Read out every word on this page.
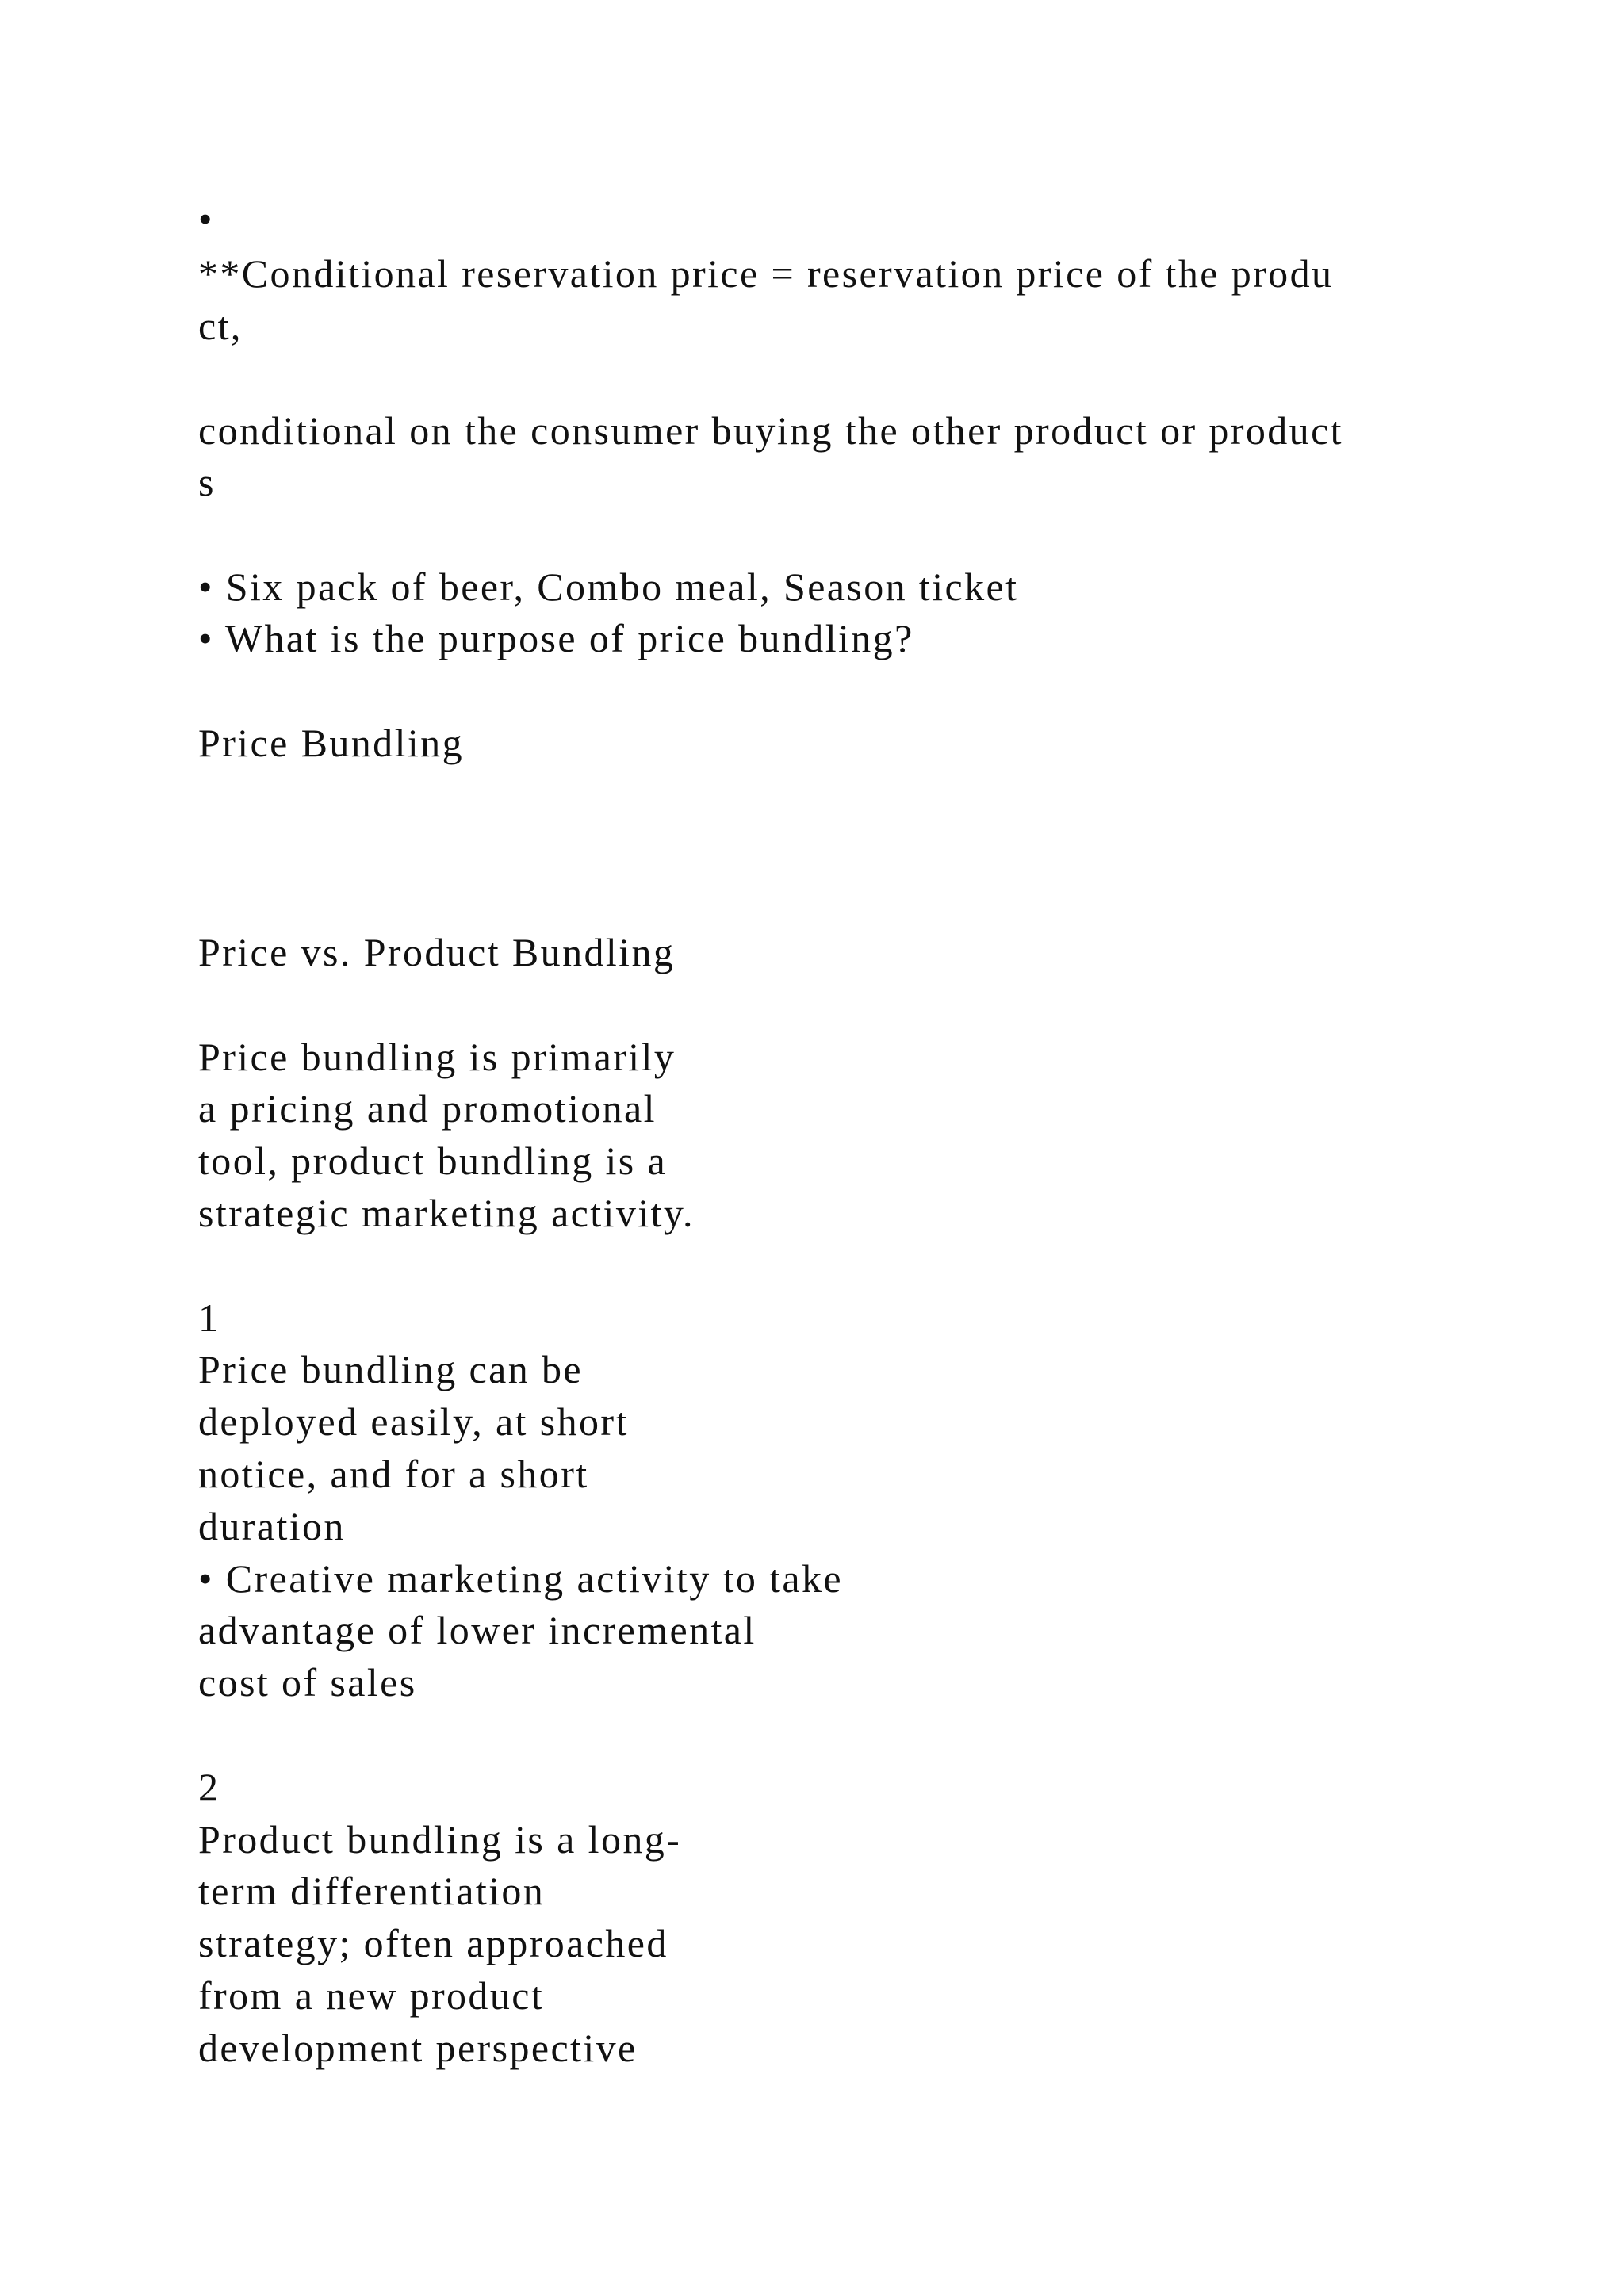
•
**Conditional reservation price = reservation price of the produ
ct,
conditional on the consumer buying the other product or product
s
• Six pack of beer, Combo meal, Season ticket
• What is the purpose of price bundling?
Price Bundling
Price vs. Product Bundling
Price bundling is primarily
a pricing and promotional
tool, product bundling is a
strategic marketing activity.
1
Price bundling can be
deployed easily, at short
notice, and for a short
duration
• Creative marketing activity to take
advantage of lower incremental
cost of sales
2
Product bundling is a long-
term differentiation
strategy; often approached
from a new product
development perspective
